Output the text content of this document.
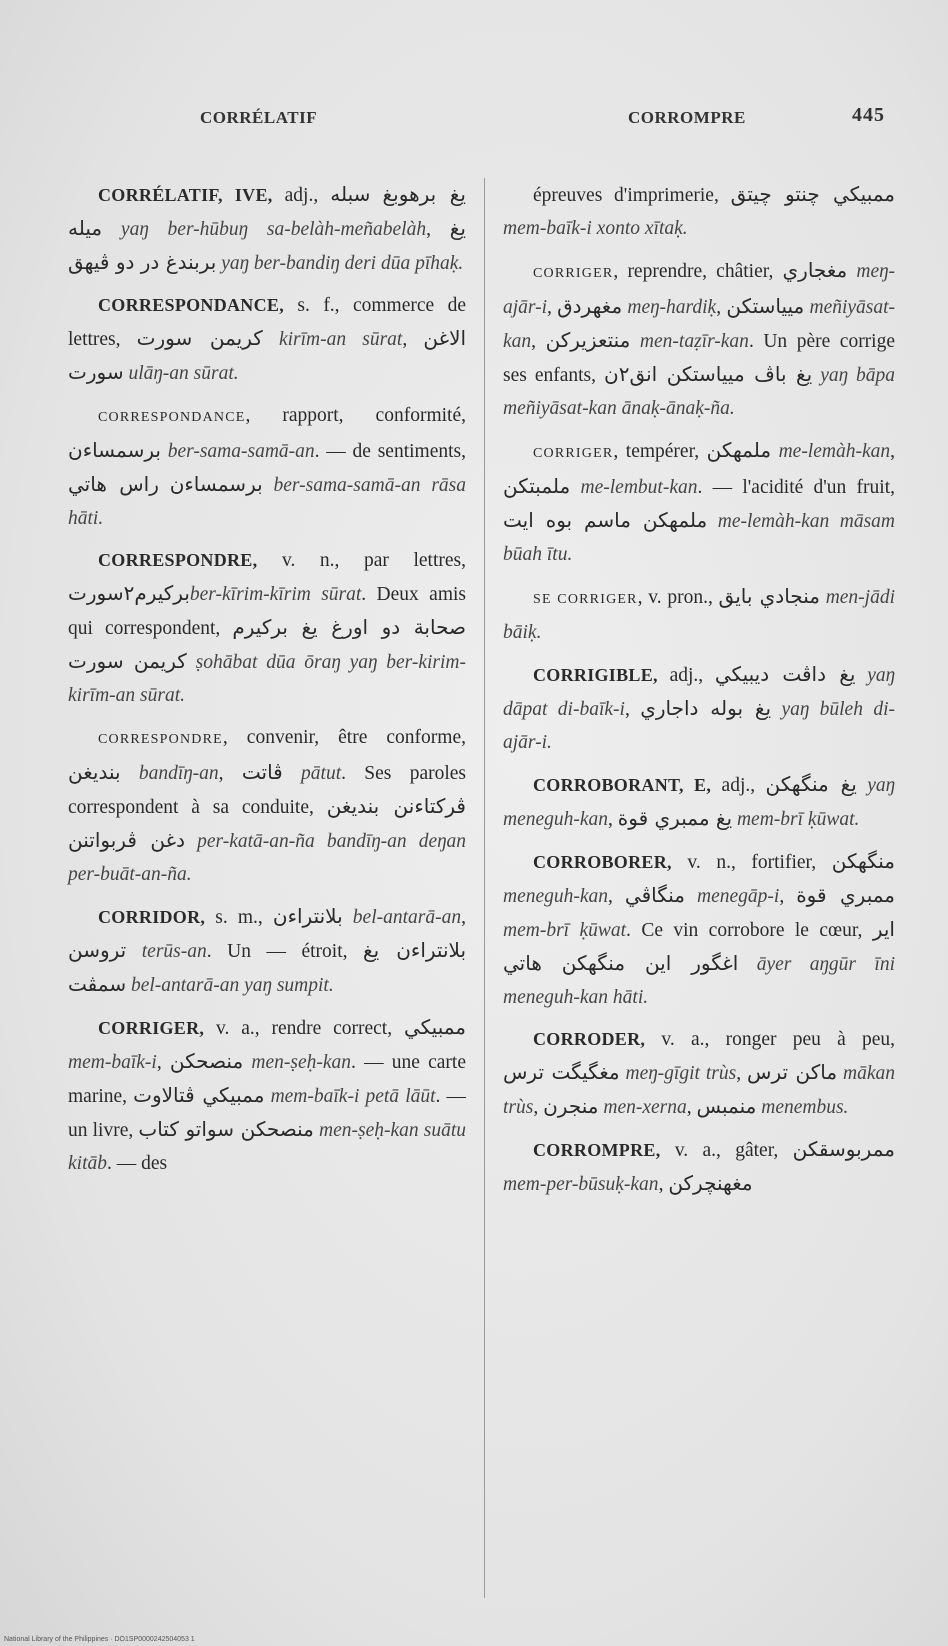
CORRÉLATIF	CORROMPRE	445

CORRÉLATIF, IVE, adj.,	يغ برهوبغ سبله ميله yaŋ ber-hūbuŋ sa-belàh-meñabelàh, يغ بربندغ در دو ڤيهق yaŋ ber-bandiŋ deri dūa pīhaḳ.

CORRESPONDANCE, s. f., commerce de lettres, كريمن سورت kirīm-an sūrat, الاغن سورت ulāŋ-an sūrat.

CORRESPONDANCE, rapport, conformité, برسمساءن ber-sama-samā-an. — de sentiments, برسمساءن راس هاتي	ber-sama-samā-an rāsa hāti.

CORRESPONDRE, v. n., par lettres, بركيرم٢سورتber-kīrim-kīrim sūrat. Deux amis qui correspondent, صحابة دو اورغ يغ بركيرم كريمن سورت ṣohābat dūa ōraŋ yaŋ ber-kirim-kirīm-an sūrat.

CORRESPONDRE, convenir, être conforme, بنديغن bandīŋ-an, ڤاتت pātut. Ses paroles correspondent à sa conduite, ڤركتاءنن بنديغن دغن ڤربواتنن per-katā-an-ña bandīŋ-an deŋan per-buāt-an-ña.

CORRIDOR, s. m., بلانتراءن bel-antarā-an, تروسن terūs-an. Un — étroit, بلانتراءن يغ سمڤت bel-antarā-an yaŋ sumpit.

CORRIGER, v. a., rendre correct, ممبيكي mem-baīk-i, منصحكن men-ṣeḥ-kan. — une carte marine, ممبيكي ڤتالاوت mem-baīk-i petā lāūt. — un livre, منصحكن سواتو كتاب men-ṣeḥ-kan suātu kitāb. — des

épreuves d'imprimerie, ممبيكي چنتو چيتق mem-baīk-i xonto xītaḳ.

CORRIGER, reprendre, châtier, مغجاري meŋ-ajār-i, مغهردق meŋ-hardiḳ, ميياستكن meñiyāsat-kan, منتعزيركن men-taẓīr-kan. Un père corrige ses enfants, يغ باڤ ميياستكن انق٢ن yaŋ bāpa meñiyāsat-kan ānaḳ-ānaḳ-ña.

CORRIGER, tempérer, ملمهكن me-lemàh-kan, ملمبتكن me-lembut-kan. — l'acidité d'un fruit, ملمهكن ماسم بوه ايت me-lemàh-kan māsam būah ītu.

SE CORRIGER, v. pron., منجادي بايق men-jādi bāiḳ.

CORRIGIBLE, adj., يغ داڤت ديبيكي yaŋ dāpat di-baīk-i, يغ بوله داجاري yaŋ būleh di-ajār-i.

CORROBORANT, E, adj., يغ منگهكن yaŋ meneguh-kan, يغ ممبري قوة mem-brī ḳūwat.

CORROBORER, v. n., fortifier, منگهكن meneguh-kan, منگاڤي menegāp-i, ممبري قوة mem-brī ḳūwat. Ce vin corrobore le cœur, اير اغگور اين منگهكن هاتي āyer aŋgūr īni meneguh-kan hāti.

CORRODER, v. a., ronger peu à peu, مغگيگت ترس meŋ-gīgit trùs, ماكن ترس mākan trùs, منجرن men-xerna, منمبس menembus.

CORROMPRE, v. a., gâter, ممربوسقكن mem-per-būsuḳ-kan, مغهنچركن

National Library of the Philippines · DO1SP0000242504053 1
